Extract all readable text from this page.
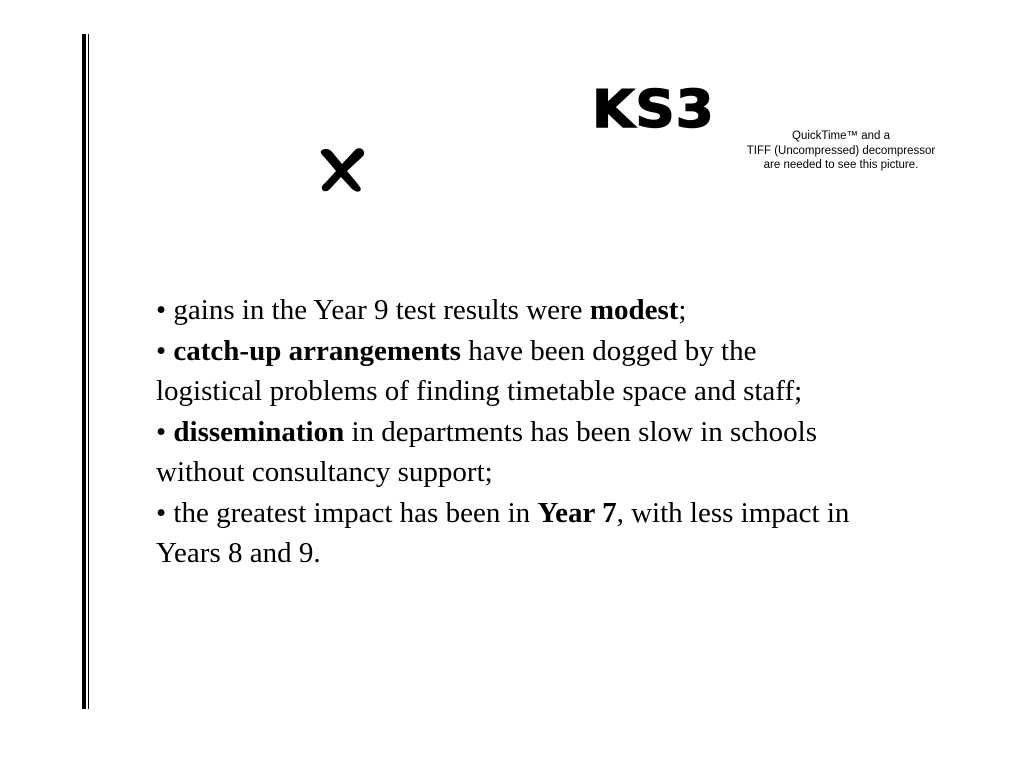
KS3	QuickTime™ and a
TIFF (Uncompressed) decompressor
are needed to see this picture.

• gains in the Year 9 test results were modest;

• catch-up arrangements have been dogged by the logistical problems of finding timetable space and staff;

• dissemination in departments has been slow in schools without consultancy support;

• the greatest impact has been in Year 7, with less impact in Years 8 and 9.
